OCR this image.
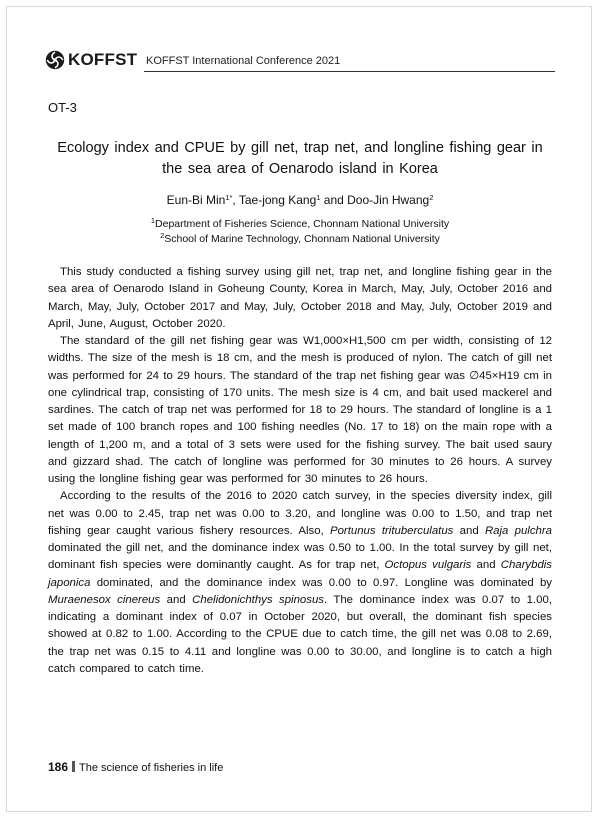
KOFFST KOFFST International Conference 2021
OT-3
Ecology index and CPUE by gill net, trap net, and longline fishing gear in the sea area of Oenarodo island in Korea
Eun-Bi Min$^{1*}$, Tae-jong Kang$^1$ and Doo-Jin Hwang$^2$
$^1$Department of Fisheries Science, Chonnam National University
$^2$School of Marine Technology, Chonnam National University

This study conducted a fishing survey using gill net, trap net, and longline fishing gear in the sea area of Oenarodo Island in Goheung County, Korea in March, May, July, October 2016 and March, May, July, October 2017 and May, July, October 2018 and May, July, October 2019 and April, June, August, October 2020.

The standard of the gill net fishing gear was W1,000×H1,500 cm per width, consisting of 12 widths. The size of the mesh is 18 cm, and the mesh is produced of nylon. The catch of gill net was performed for 24 to 29 hours. The standard of the trap net fishing gear was ∅45×H19 cm in one cylindrical trap, consisting of 170 units. The mesh size is 4 cm, and bait used mackerel and sardines. The catch of trap net was performed for 18 to 29 hours. The standard of longline is a 1 set made of 100 branch ropes and 100 fishing needles (No. 17 to 18) on the main rope with a length of 1,200 m, and a total of 3 sets were used for the fishing survey. The bait used saury and gizzard shad. The catch of longline was performed for 30 minutes to 26 hours. A survey using the longline fishing gear was performed for 30 minutes to 26 hours.

According to the results of the 2016 to 2020 catch survey, in the species diversity index, gill net was 0.00 to 2.45, trap net was 0.00 to 3.20, and longline was 0.00 to 1.50, and trap net fishing gear caught various fishery resources. Also, Portunus trituberculatus and Raja pulchra dominated the gill net, and the dominance index was 0.50 to 1.00. In the total survey by gill net, dominant fish species were dominantly caught. As for trap net, Octopus vulgaris and Charybdis japonica dominated, and the dominance index was 0.00 to 0.97. Longline was dominated by Muraenesox cinereus and Chelidonichthys spinosus. The dominance index was 0.07 to 1.00, indicating a dominant index of 0.07 in October 2020, but overall, the dominant fish species showed at 0.82 to 1.00. According to the CPUE due to catch time, the gill net was 0.08 to 2.69, the trap net was 0.15 to 4.11 and longline was 0.00 to 30.00, and longline is to catch a high catch compared to catch time.

186 The science of fisheries in life
